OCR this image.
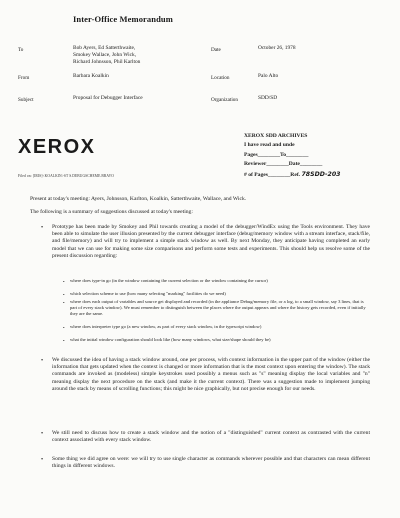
Inter-Office Memorandum
To	Bob Ayers, Ed Satterthwaite,
Smokey Wallace, John Wick,
Richard Johnsson, Phil Karlton
Date	October 26, 1978
From	Barbara Koalkin	Location	Palo Alto
Subject	Proposal for Debugger Interface	Organization	SDD/SD
XEROX	XEROX SDD ARCHIVES
I have read and unde
Pages________To________
Reviewer________Date________
# of Pages________Ref. 78SDD-203
Filed on: [IRIS]<KOALKIN>ST S.DEBUGSCHEME.BRAVO
Present at today's meeting: Ayers, Johnsson, Karlton, Koalkin, Satterthwaite, Wallace, and Wick.
The following is a summary of suggestions discussed at today's meeting:
• Prototype has been made by Smokey and Phil towards creating a model of the debugger/WindEx using the Tools environment. They have been able to simulate the user illusion presented by the current debugger interface (debug/memory window with a stream interface, stack/file, and file/memory) and will try to implement a simple stack window as well. By next Monday, they anticipate having completed an early model that we can use for making some size comparisons and perform some tests and experiments. This should help us resolve some of the present discussion regarding:
• where does type-in go (in the window containing the current selection or the window containing the cursor)
• which selection scheme to use (how many selecting "marking" facilities do we need)
• where does each output of variables and source get displayed and recorded (in the appliance Debug/memory file, or a log, to a small window, say 3 lines, that is part of every stack window). We must remember to distinguish between the places where the output appears and where the history gets recorded, even if initially they are the same.
• where does interpreter type go (a new window, as part of every stack window, in the typescript window)
• what the initial window configuration should look like (how many windows, what size/shape should they be)
• We discussed the idea of having a stack window around, one per process, with context information in the upper part of the window (either the information that gets updated when the context is changed or more information that is the most context upon entering the window). The stack commands are invoked as (modeless) simple keystrokes used possibly a menus such as "s" meaning display the local variables and "n" meaning display the next procedure on the stack (and make it the current context). There was a suggestion made to implement jumping around the stack by means of scrolling functions; this might be nice graphically, but not precise enough for our needs.
• We still need to discuss how to create a stack window and the notion of a "distinguished" current context as contrasted with the current context associated with every stack window.
• Some thing we did agree on were: we will try to use single character as commands wherever possible and that characters can mean different things in different windows.
